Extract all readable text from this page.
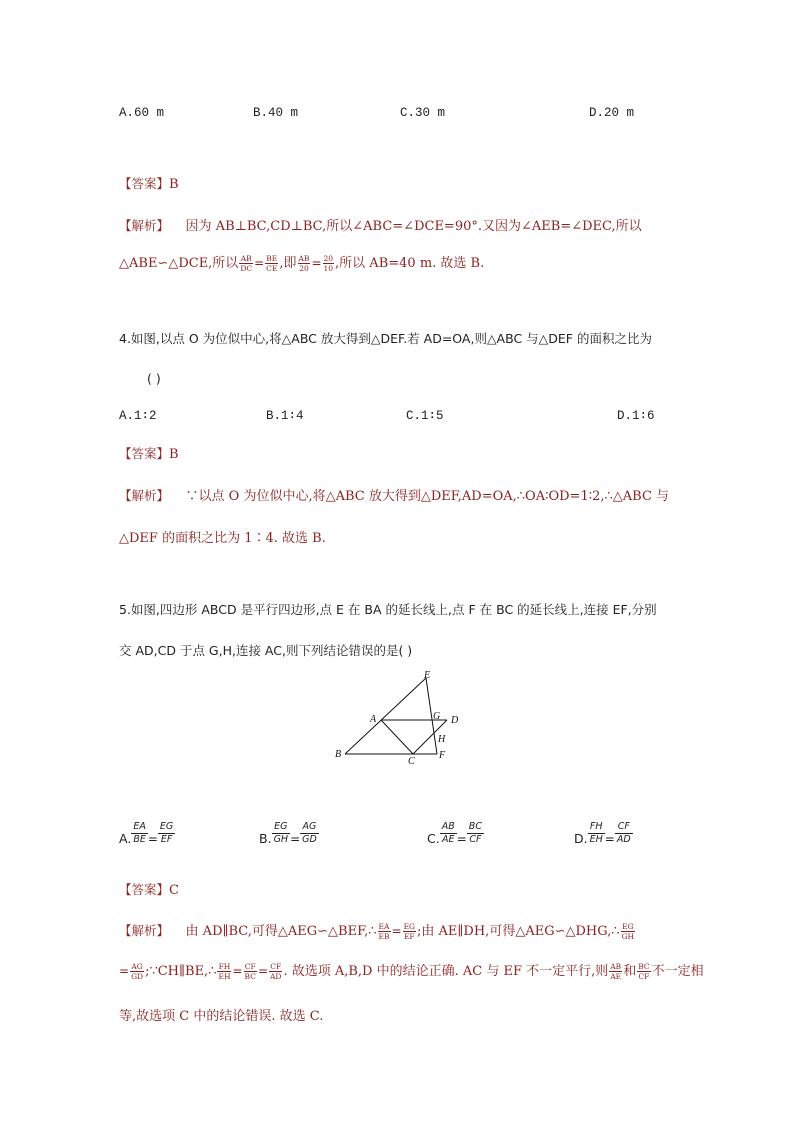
A.60 m	B.40 m	C.30 m	D.20 m
【答案】B
【解析】 因为 AB⊥BC,CD⊥BC,所以∠ABC=∠DCE=90°.又因为∠AEB=∠DEC,所以
△ABE∽△DCE,所以 $\frac{AB}{DC} = \frac{BE}{CE}$ ,即 $\frac{AB}{20} = \frac{20}{10}$ ,所以 AB=40 m. 故选 B.
4.如图,以点 O 为位似中心,将△ABC 放大得到△DEF.若 AD=OA,则△ABC 与△DEF 的面积之比为
( )
A.1∶2	B.1∶4	C.1∶5	D.1∶6
【答案】B
【解析】 ∵以点 O 为位似中心,将△ABC 放大得到△DEF,AD=OA,∴OA∶OD=1∶2,∴△ABC 与
△DEF 的面积之比为 1∶4. 故选 B.
5.如图,四边形 ABCD 是平行四边形,点 E 在 BA 的延长线上,点 F 在 BC 的延长线上,连接 EF,分别
交 AD,CD 于点 G,H,连接 AC,则下列结论错误的是( )
E
A	G D
H
B
C
F
A. $\frac{EA}{BE} = \frac{EG}{EF}$	B. $\frac{EG}{GH} = \frac{AG}{GD}$	C. $\frac{AB}{AE} = \frac{BC}{CF}$	D. $\frac{FH}{EH} = \frac{CF}{AD}$
【答案】C
【解析】 由 AD∥BC,可得△AEG∽△BEF,∴ $\frac{EA}{EB} = \frac{EG}{EF}$ ;由 AE∥DH,可得△AEG∽△DHG,∴ $\frac{EG}{GH}$
= $\frac{AG}{GD}$ ;∵CH∥BE,∴ $\frac{FH}{EH} = \frac{CF}{BC} = \frac{CF}{AD}$ . 故选项 A,B,D 中的结论正确. AC 与 EF 不一定平行,则 $\frac{AB}{AE}$ 和 $\frac{BC}{CF}$ 不一定相
等,故选项 C 中的结论错误. 故选 C.
